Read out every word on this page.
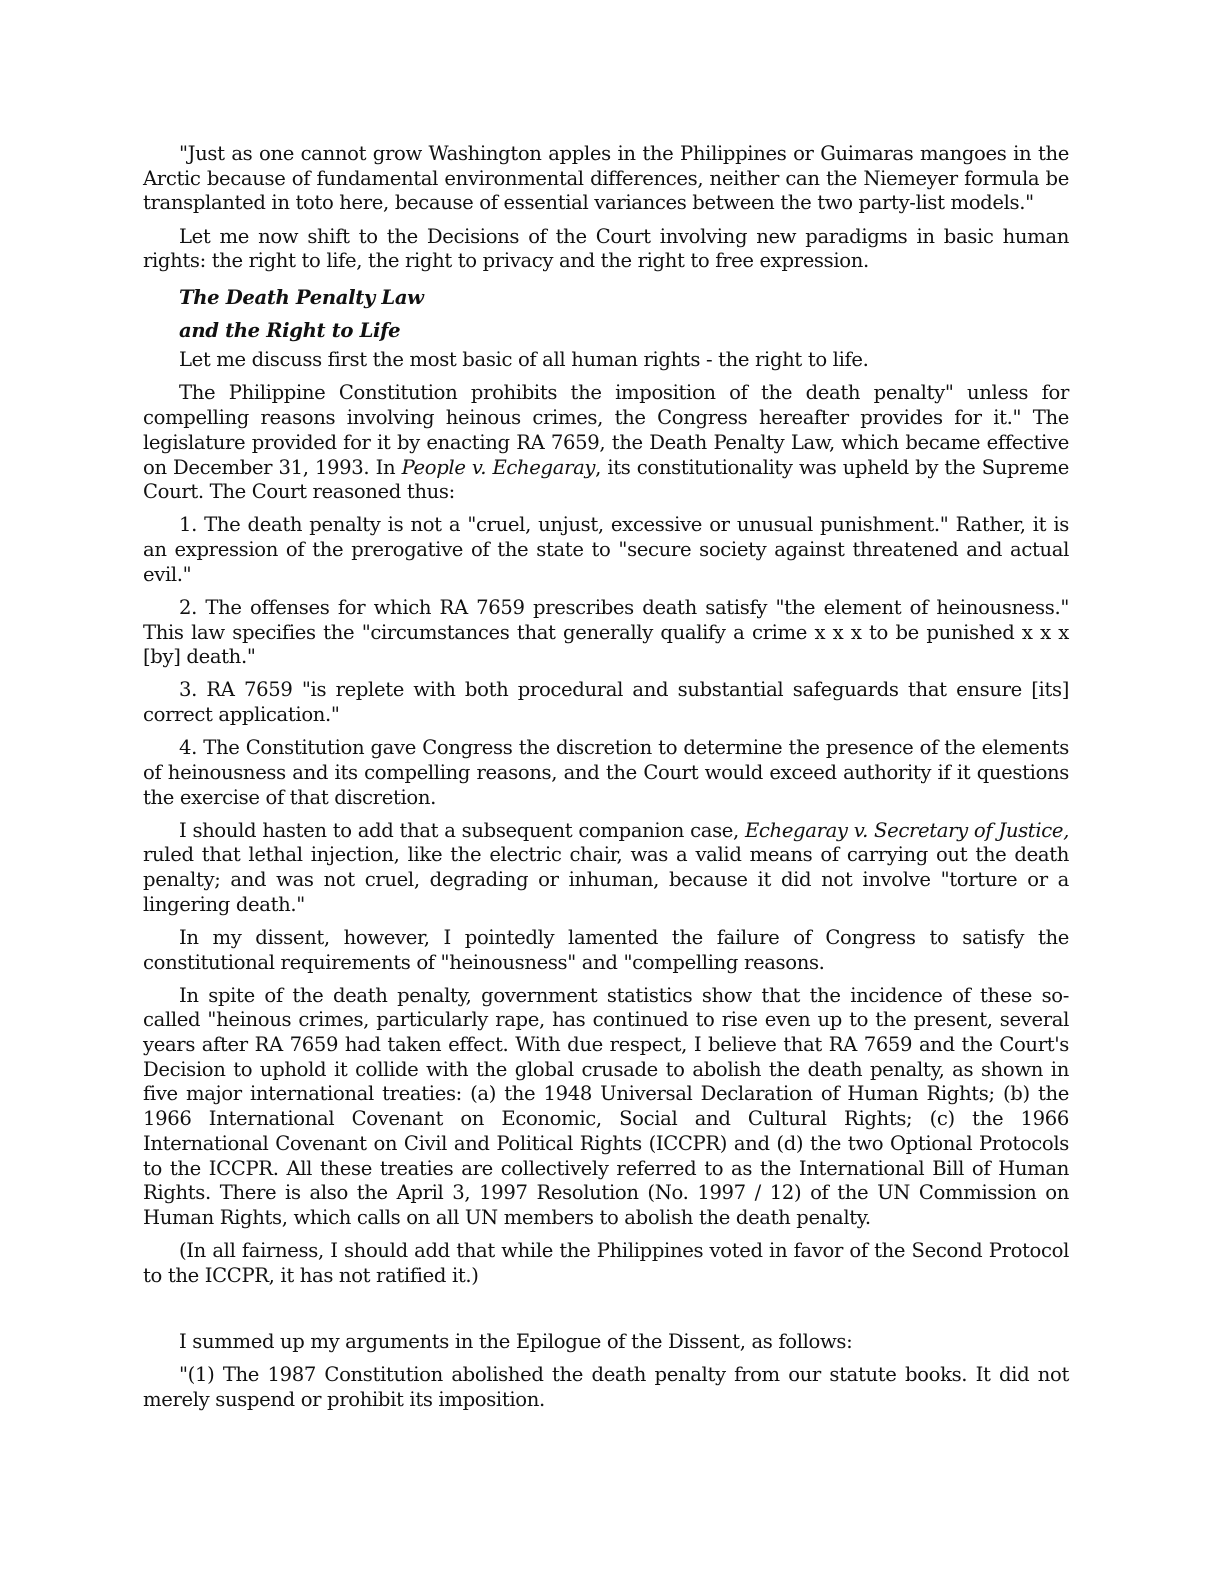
"Just as one cannot grow Washington apples in the Philippines or Guimaras mangoes in the Arctic because of fundamental environmental differences, neither can the Niemeyer formula be transplanted in toto here, because of essential variances between the two party-list models."

Let me now shift to the Decisions of the Court involving new paradigms in basic human rights: the right to life, the right to privacy and the right to free expression.

The Death Penalty Law

and the Right to Life

Let me discuss first the most basic of all human rights - the right to life.

The Philippine Constitution prohibits the imposition of the death penalty" unless for compelling reasons involving heinous crimes, the Congress hereafter provides for it." The legislature provided for it by enacting RA 7659, the Death Penalty Law, which became effective on December 31, 1993. In People v. Echegaray, its constitutionality was upheld by the Supreme Court. The Court reasoned thus:

1. The death penalty is not a "cruel, unjust, excessive or unusual punishment." Rather, it is an expression of the prerogative of the state to "secure society against threatened and actual evil."

2. The offenses for which RA 7659 prescribes death satisfy "the element of heinousness." This law specifies the "circumstances that generally qualify a crime x x x to be punished x x x [by] death."

3. RA 7659 "is replete with both procedural and substantial safeguards that ensure [its] correct application."

4. The Constitution gave Congress the discretion to determine the presence of the elements of heinousness and its compelling reasons, and the Court would exceed authority if it questions the exercise of that discretion.

I should hasten to add that a subsequent companion case, Echegaray v. Secretary of Justice, ruled that lethal injection, like the electric chair, was a valid means of carrying out the death penalty; and was not cruel, degrading or inhuman, because it did not involve "torture or a lingering death."

In my dissent, however, I pointedly lamented the failure of Congress to satisfy the constitutional requirements of "heinousness" and "compelling reasons.

In spite of the death penalty, government statistics show that the incidence of these so-called "heinous crimes, particularly rape, has continued to rise even up to the present, several years after RA 7659 had taken effect. With due respect, I believe that RA 7659 and the Court's Decision to uphold it collide with the global crusade to abolish the death penalty, as shown in five major international treaties: (a) the 1948 Universal Declaration of Human Rights; (b) the 1966 International Covenant on Economic, Social and Cultural Rights; (c) the 1966 International Covenant on Civil and Political Rights (ICCPR) and (d) the two Optional Protocols to the ICCPR. All these treaties are collectively referred to as the International Bill of Human Rights. There is also the April 3, 1997 Resolution (No. 1997 / 12) of the UN Commission on Human Rights, which calls on all UN members to abolish the death penalty.

(In all fairness, I should add that while the Philippines voted in favor of the Second Protocol to the ICCPR, it has not ratified it.)

I summed up my arguments in the Epilogue of the Dissent, as follows:

"(1) The 1987 Constitution abolished the death penalty from our statute books. It did not merely suspend or prohibit its imposition.
